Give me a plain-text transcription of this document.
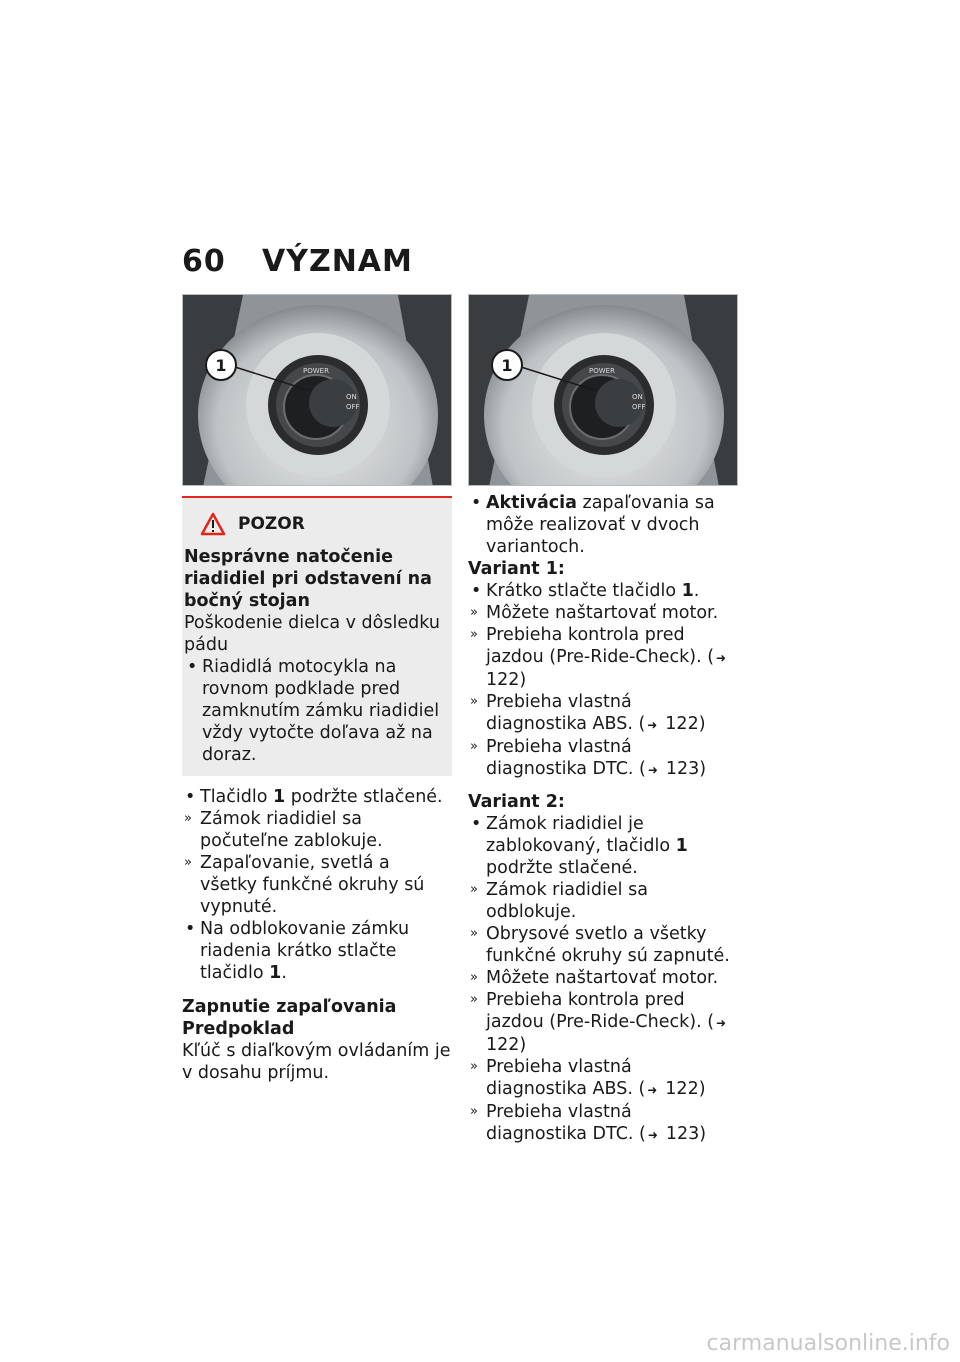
60 VÝZNAM
POWER
ON
OFF
1	POWER
ON
OFF
1
POZOR
Nesprávne natočenie riadidiel pri odstavení na bočný stojan
Poškodenie dielca v dôsledku pádu
• Riadidlá motocykla na rovnom podklade pred zamknutím zámku riadidiel vždy vytočte doľava až na doraz.
• Tlačidlo 1 podržte stlačené.
» Zámok riadidiel sa počuteľne zablokuje.
» Zapaľovanie, svetlá a všetky funkčné okruhy sú vypnuté.
• Na odblokovanie zámku riadenia krátko stlačte tlačidlo 1.
Zapnutie zapaľovania
Predpoklad
Kľúč s diaľkovým ovládaním je v dosahu príjmu.
• Aktivácia zapaľovania sa môže realizovať v dvoch variantoch.
Variant 1:
• Krátko stlačte tlačidlo 1.
» Môžete naštartovať motor.
» Prebieha kontrola pred jazdou (Pre-Ride-Check). ( ➜122)
» Prebieha vlastná diagnostika ABS. ( ➜ 122)
» Prebieha vlastná diagnostika DTC. ( ➜ 123)
Variant 2:
• Zámok riadidiel je zablokovaný, tlačidlo 1 podržte stlačené.
» Zámok riadidiel sa odblokuje.
» Obrysové svetlo a všetky funkčné okruhy sú zapnuté.
» Môžete naštartovať motor.
» Prebieha kontrola pred jazdou (Pre-Ride-Check). ( ➜122)
» Prebieha vlastná diagnostika ABS. ( ➜ 122)
» Prebieha vlastná diagnostika DTC. ( ➜ 123)
carmanualsonline.info
